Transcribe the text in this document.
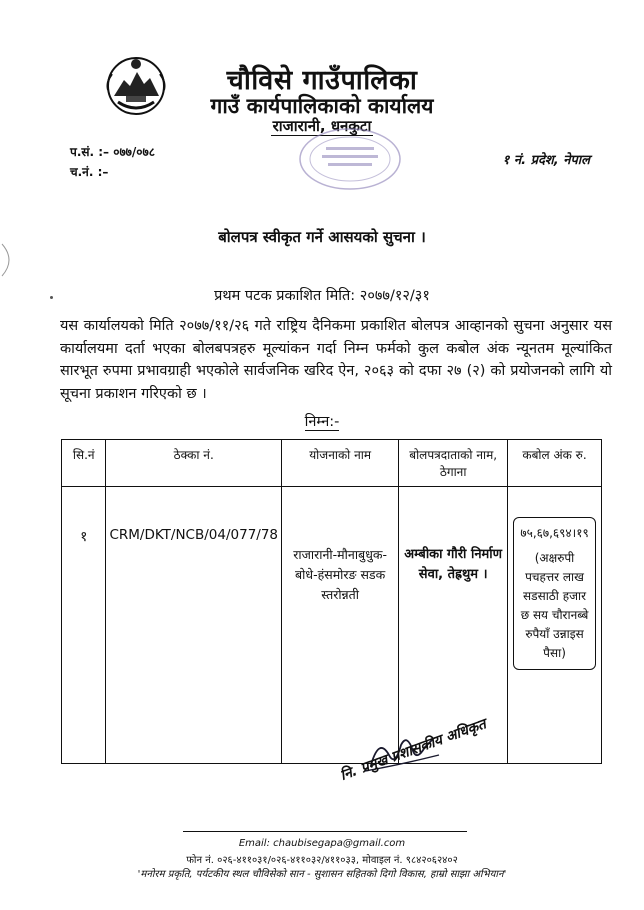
चौविसे गाउँपालिका
गाउँ कार्यपालिकाको कार्यालय
राजारानी, धनकुटा
प.सं. :– ०७७/०७८
च.नं. :–
१ नं. प्रदेश, नेपाल
बोलपत्र स्वीकृत गर्ने आसयको सुचना ।
प्रथम पटक प्रकाशित मिति: २०७७/१२/३१
यस कार्यालयको मिति २०७७/११/२६ गते राष्ट्रिय दैनिकमा प्रकाशित बोलपत्र आव्हानको सुचना अनुसार यस कार्यालयमा दर्ता भएका बोलबपत्रहरु मूल्यांकन गर्दा निम्न फर्मको कुल कबोल अंक न्यूनतम मूल्यांकित सारभूत रुपमा प्रभावग्राही भएकोले सार्वजनिक खरिद ऐन, २०६३ को दफा २७ (२) को प्रयोजनको लागि यो सूचना प्रकाशन गरिएको छ ।
निम्न:-
सि.नं	ठेक्का नं.	योजनाको नाम	बोलपत्रदाताको नाम, ठेगाना	कबोल अंक रु.
१	CRM/DKT/NCB/04/077/78	राजारानी-मौनाबुधुक-बोधे-हंसमोरङ सडक स्तरोन्नती	अम्बीका गौरी निर्माण सेवा, तेह्रथुम ।	७५,६७,६९४।१९
(अक्षरुपी पचहत्तर लाख सडसाठी हजार छ सय चौरानब्बे रुपैयाँ उन्नाइस पैसा)
नि. प्रमुख प्रशासकीय अधिकृत
Email: chaubisegapa@gmail.com
फोन नं. ०२६-४११०३१/०२६-४११०३२/४११०३३, मोवाइल नं. ९८४२०६२४०२
'मनोरम प्रकृति, पर्यटकीय स्थल चौविसेको सान - सुशासन सहितको दिगो विकास, हाम्रो साझा अभियान'
